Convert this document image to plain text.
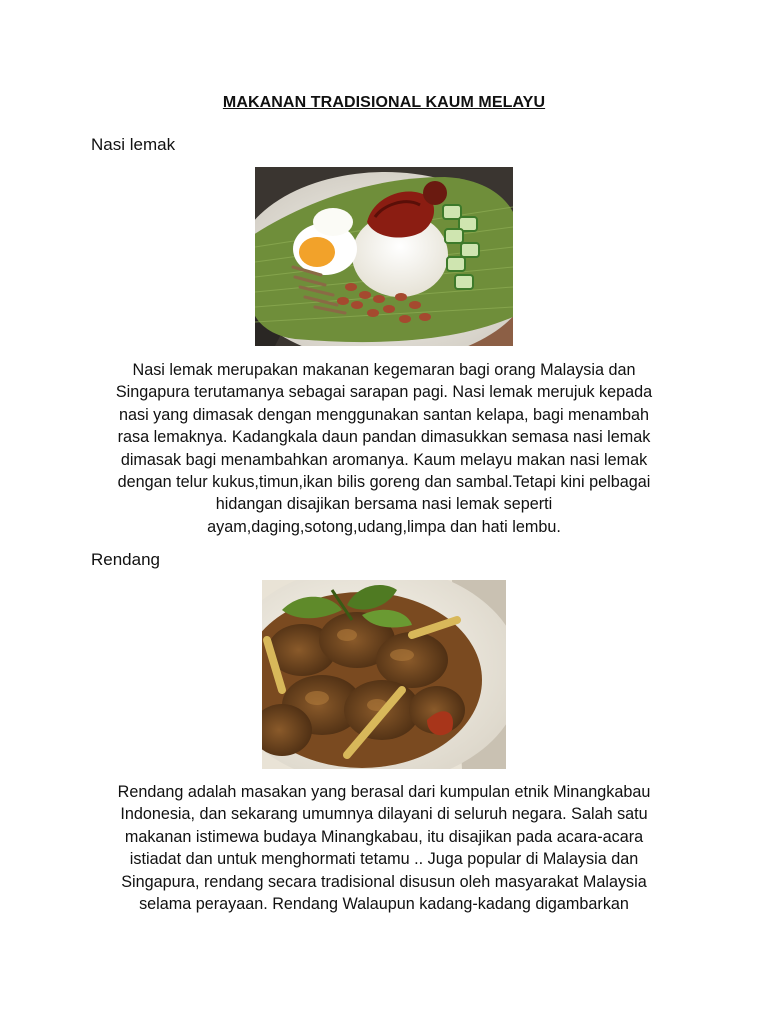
MAKANAN TRADISIONAL KAUM MELAYU
Nasi lemak
Nasi lemak merupakan makanan kegemaran bagi orang Malaysia dan
Singapura terutamanya sebagai sarapan pagi. Nasi lemak merujuk kepada
nasi yang dimasak dengan menggunakan santan kelapa, bagi menambah
rasa lemaknya. Kadangkala daun pandan dimasukkan semasa nasi lemak
dimasak bagi menambahkan aromanya. Kaum melayu makan nasi lemak
dengan telur kukus,timun,ikan bilis goreng dan sambal.Tetapi kini pelbagai
hidangan disajikan bersama nasi lemak seperti
ayam,daging,sotong,udang,limpa dan hati lembu.
Rendang
Rendang adalah masakan yang berasal dari kumpulan etnik Minangkabau
Indonesia, dan sekarang umumnya dilayani di seluruh negara. Salah satu
makanan istimewa budaya Minangkabau, itu disajikan pada acara-acara
istiadat dan untuk menghormati tetamu .. Juga popular di Malaysia dan
Singapura, rendang secara tradisional disusun oleh masyarakat Malaysia
selama perayaan. Rendang Walaupun kadang-kadang digambarkan
